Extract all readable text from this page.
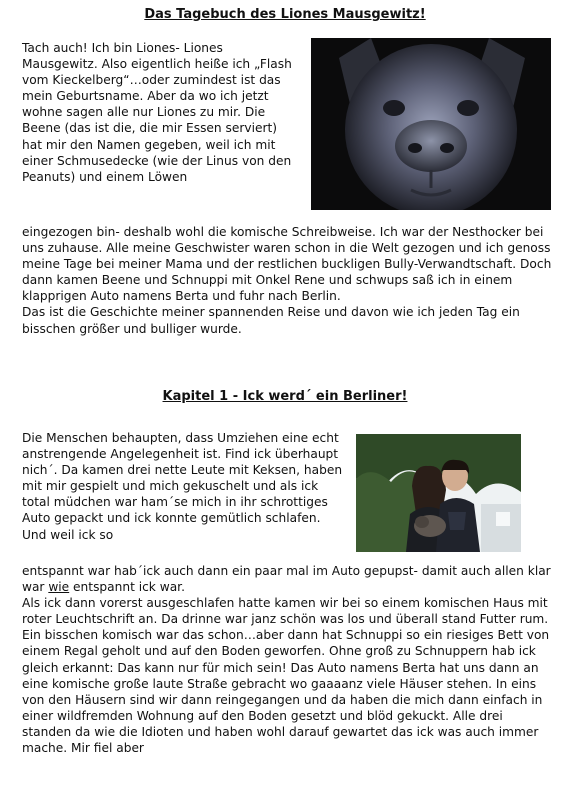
Das Tagebuch des Liones Mausgewitz!

Tach auch! Ich bin Liones- Liones Mausgewitz. Also eigentlich heiße ich „Flash vom Kieckelberg“…oder zumindest ist das mein Geburtsname. Aber da wo ich jetzt wohne sagen alle nur Liones zu mir. Die Beene (das ist die, die mir Essen serviert) hat mir den Namen gegeben, weil ich mit einer Schmusedecke (wie der Linus von den Peanuts) und einem Löwen

eingezogen bin- deshalb wohl die komische Schreibweise. Ich war der Nesthocker bei uns zuhause. Alle meine Geschwister waren schon in die Welt gezogen und ich genoss meine Tage bei meiner Mama und der restlichen buckligen Bully-Verwandtschaft. Doch dann kamen Beene und Schnuppi mit Onkel Rene und schwups saß ich in einem klapprigen Auto namens Berta und fuhr nach Berlin.
Das ist die Geschichte meiner spannenden Reise und davon wie ich jeden Tag ein bisschen größer und bulliger wurde.
Kapitel 1 - Ick werd´ ein Berliner!

Die Menschen behaupten, dass Umziehen eine echt anstrengende Angelegenheit ist. Find ick überhaupt nich´. Da kamen drei nette Leute mit Keksen, haben mit mir gespielt und mich gekuschelt und als ick total müdchen war ham´se mich in ihr schrottiges Auto gepackt und ick konnte gemütlich schlafen. Und weil ick so

entspannt war hab´ick auch dann ein paar mal im Auto gepupst- damit auch allen klar war wie entspannt ick war.
Als ick dann vorerst ausgeschlafen hatte kamen wir bei so einem komischen Haus mit roter Leuchtschrift an. Da drinne war janz schön was los und überall stand Futter rum. Ein bisschen komisch war das schon…aber dann hat Schnuppi so ein riesiges Bett von einem Regal geholt und auf den Boden geworfen. Ohne groß zu Schnuppern hab ick gleich erkannt: Das kann nur für mich sein! Das Auto namens Berta hat uns dann an eine komische große laute Straße gebracht wo gaaaanz viele Häuser stehen. In eins von den Häusern sind wir dann reingegangen und da haben die mich dann einfach in einer wildfremden Wohnung auf den Boden gesetzt und blöd gekuckt. Alle drei standen da wie die Idioten und haben wohl darauf gewartet das ick was auch immer mache. Mir fiel aber
